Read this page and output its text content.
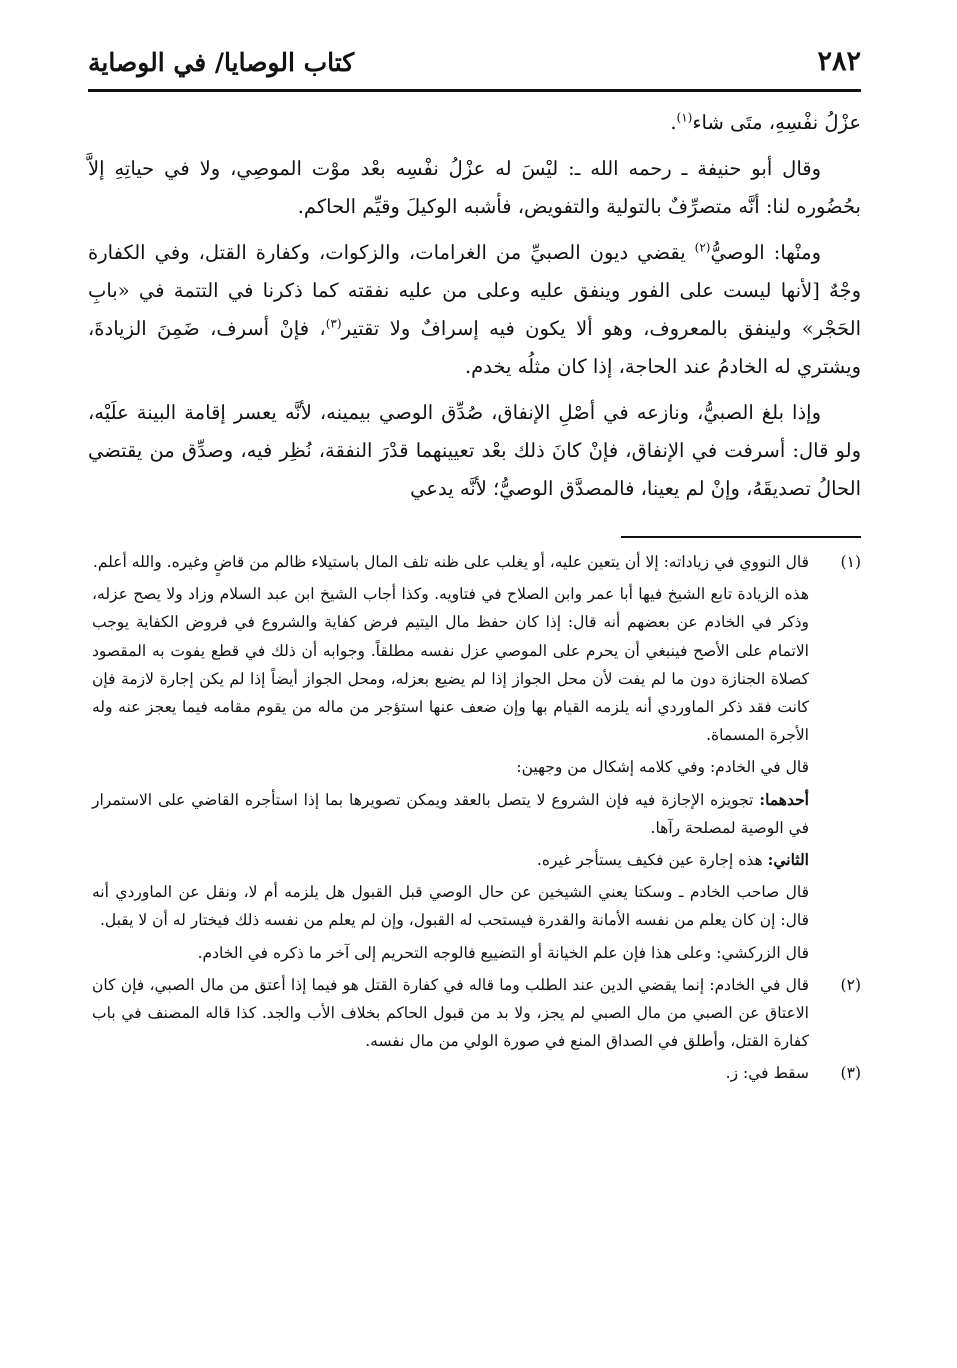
٢٨٢
كتاب الوصايا/ في الوصاية

عزْلُ نفْسِهِ، متَى شاء$^{(١)}$.

وقال أبو حنيفة ـ رحمه الله ـ: ليْسَ له عزْلُ نفْسِه بعْد موْت الموصِي، ولا في حياتِهِ إلاَّ بحُضُوره لنا: أنَّه متصرِّفٌ بالتولية والتفويض، فأشبه الوكيلَ وقيِّم الحاكم.

ومنْها: الوصيُّ$^{(٢)}$ يقضي ديون الصبيِّ من الغرامات، والزكوات، وكفارة القتل، وفي الكفارة وجْهٌ [لأنها ليست على الفور وينفق عليه وعلى من عليه نفقته كما ذكرنا في التتمة في «بابِ الحَجْر» ولينفق بالمعروف، وهو ألا يكون فيه إسرافٌ ولا تقتير$^{(٣)}$، فإنْ أسرف، ضَمِنَ الزيادةَ، ويشتري له الخادمُ عند الحاجة، إذا كان مثلُه يخدم.

وإذا بلغ الصبيُّ، ونازعه في أصْلِ الإنفاق، صُدِّق الوصي بيمينه، لأنَّه يعسر إقامة البينة علَيْه، ولو قال: أسرفت في الإنفاق، فإنْ كانَ ذلك بعْد تعيينهما قدْرَ النفقة، نُظِر فيه، وصدِّق من يقتضي الحالُ تصديقَهُ، وإنْ لم يعينا، فالمصدَّق الوصيُّ؛ لأنَّه يدعي

(١)

قال النووي في زياداته: إلا أن يتعين عليه، أو يغلب على ظنه تلف المال باستيلاء ظالم من قاضٍ وغيره. والله أعلم.

هذه الزيادة تابع الشيخ فيها أبا عمر وابن الصلاح في فتاويه. وكذا أجاب الشيخ ابن عبد السلام وزاد ولا يصح عزله، وذكر في الخادم عن بعضهم أنه قال: إذا كان حفظ مال اليتيم فرض كفاية والشروع في فروض الكفاية يوجب الاتمام على الأصح فينبغي أن يحرم على الموصي عزل نفسه مطلقاً. وجوابه أن ذلك في قطع يفوت به المقصود كصلاة الجنازة دون ما لم يفت لأن محل الجواز إذا لم يضيع بعزله، ومحل الجواز أيضاً إذا لم يكن إجارة لازمة فإن كانت فقد ذكر الماوردي أنه يلزمه القيام بها وإن ضعف عنها استؤجر من ماله من يقوم مقامه فيما يعجز عنه وله الأجرة المسماة.

قال في الخادم: وفي كلامه إشكال من وجهين:

أحدهما: تجويزه الإجازة فيه فإن الشروع لا يتصل بالعقد ويمكن تصويرها بما إذا استأجره القاضي على الاستمرار في الوصية لمصلحة رآها.

الثاني: هذه إجارة عين فكيف يستأجر غيره.

قال صاحب الخادم ـ وسكتا يعني الشيخين عن حال الوصي قبل القبول هل يلزمه أم لا، ونقل عن الماوردي أنه قال: إن كان يعلم من نفسه الأمانة والقدرة فيستحب له القبول، وإن لم يعلم من نفسه ذلك فيختار له أن لا يقبل.

قال الزركشي: وعلى هذا فإن علم الخيانة أو التضييع فالوجه التحريم إلى آخر ما ذكره في الخادم.

(٢)

قال في الخادم: إنما يقضي الدين عند الطلب وما قاله في كفارة القتل هو فيما إذا أعتق من مال الصبي، فإن كان الاعتاق عن الصبي من مال الصبي لم يجز، ولا بد من قبول الحاكم بخلاف الأب والجد. كذا قاله المصنف في باب كفارة القتل، وأطلق في الصداق المنع في صورة الولي من مال نفسه.

(٣)

سقط في: ز.
